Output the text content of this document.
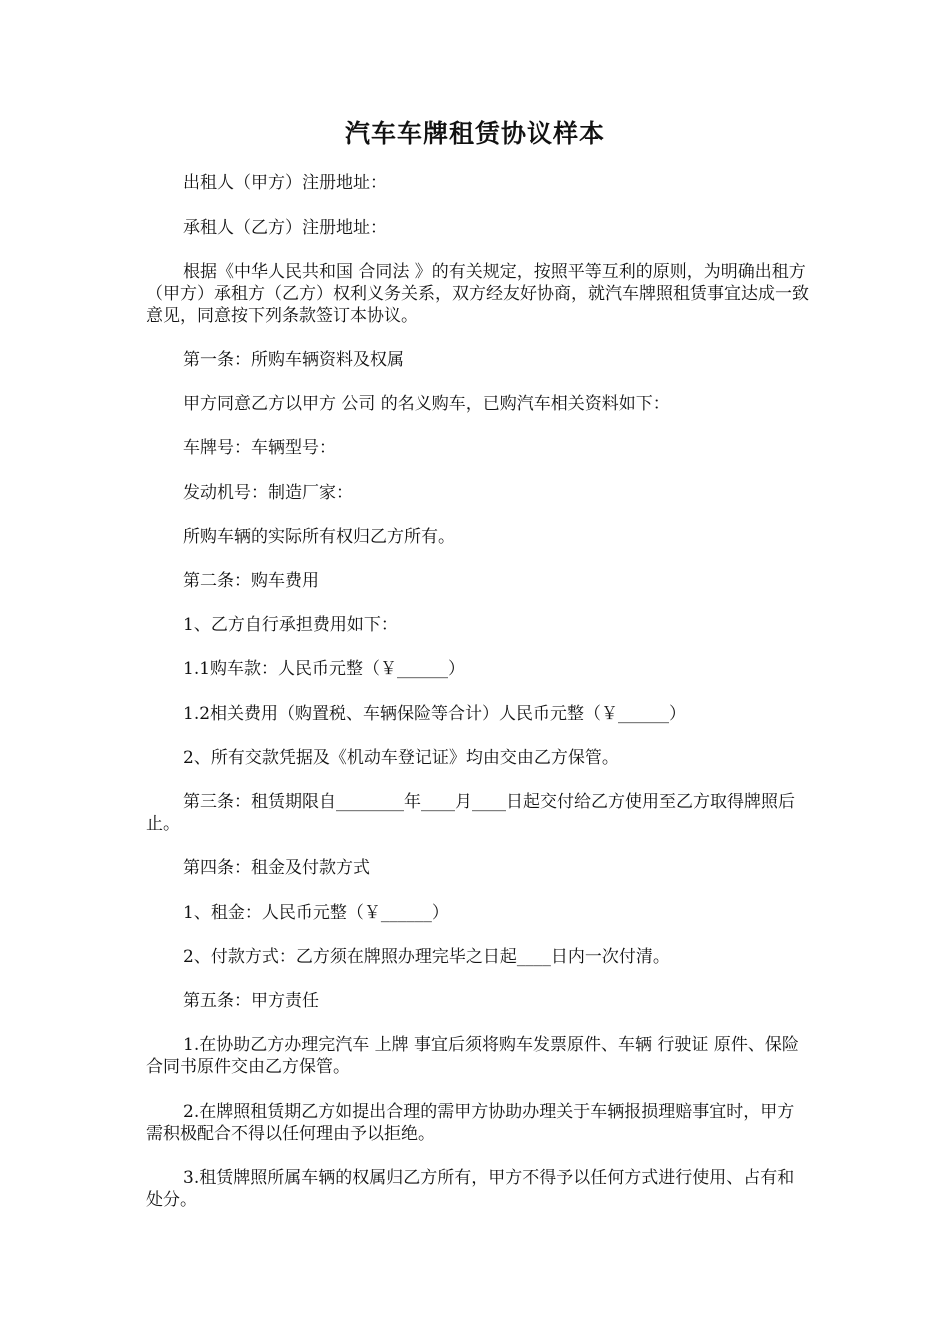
汽车车牌租赁协议样本
出租人（甲方）注册地址：
承租人（乙方）注册地址：
根据《中华人民共和国 合同法 》的有关规定，按照平等互利的原则，为明确出租方（甲方）承租方（乙方）权利义务关系，双方经友好协商，就汽车牌照租赁事宜达成一致意见，同意按下列条款签订本协议。
第一条：所购车辆资料及权属
甲方同意乙方以甲方 公司 的名义购车，已购汽车相关资料如下：
车牌号：车辆型号：
发动机号：制造厂家：
所购车辆的实际所有权归乙方所有。
第二条：购车费用
1、乙方自行承担费用如下：
1.1购车款：人民币元整（￥______）
1.2相关费用（购置税、车辆保险等合计）人民币元整（￥______）
2、所有交款凭据及《机动车登记证》均由交由乙方保管。
第三条：租赁期限自________年____月____日起交付给乙方使用至乙方取得牌照后止。
第四条：租金及付款方式
1、租金：人民币元整（￥______）
2、付款方式：乙方须在牌照办理完毕之日起____日内一次付清。
第五条：甲方责任
1.在协助乙方办理完汽车 上牌 事宜后须将购车发票原件、车辆 行驶证 原件、保险合同书原件交由乙方保管。
2.在牌照租赁期乙方如提出合理的需甲方协助办理关于车辆报损理赔事宜时，甲方需积极配合不得以任何理由予以拒绝。
3.租赁牌照所属车辆的权属归乙方所有，甲方不得予以任何方式进行使用、占有和处分。
